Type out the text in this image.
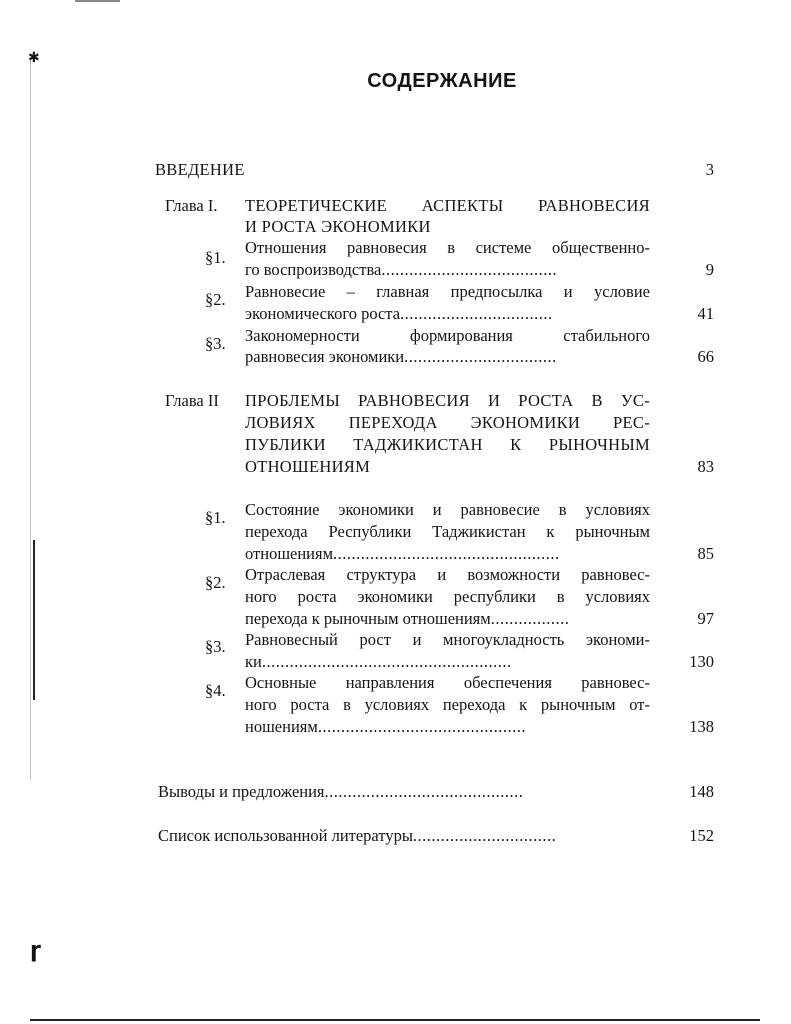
✱
ɼ
СОДЕРЖАНИЕ
ВВЕДЕНИЕ	3
Глава I. ТЕОРЕТИЧЕСКИЕ АСПЕКТЫ РАВНОВЕСИЯ
И РОСТА ЭКОНОМИКИ
§1.
Отношения равновесия в системе общественно-
го воспроизводства......................................	9
§2. Равновесие – главная предпосылка и условие
экономического роста.................................	41
§3. Закономерности формирования стабильного
равновесия экономики.................................	66
Глава II ПРОБЛЕМЫ РАВНОВЕСИЯ И РОСТА В УС-
ЛОВИЯХ ПЕРЕХОДА ЭКОНОМИКИ РЕС-
ПУБЛИКИ ТАДЖИКИСТАН К РЫНОЧНЫМ
ОТНОШЕНИЯМ	83
§1. Состояние экономики и равновесие в условиях
перехода Республики Таджикистан к рыночным
отношениям.................................................	85
§2. Отраслевая структура и возможности равновес-
ного роста экономики республики в условиях
перехода к рыночным отношениям.................	97
§3. Равновесный рост и многоукладность экономи-
ки......................................................	130
§4. Основные направления обеспечения равновес-
ного роста в условиях перехода к рыночным от-
ношениям.............................................	138
Выводы и предложения...........................................	148
Список использованной литературы...............................	152
